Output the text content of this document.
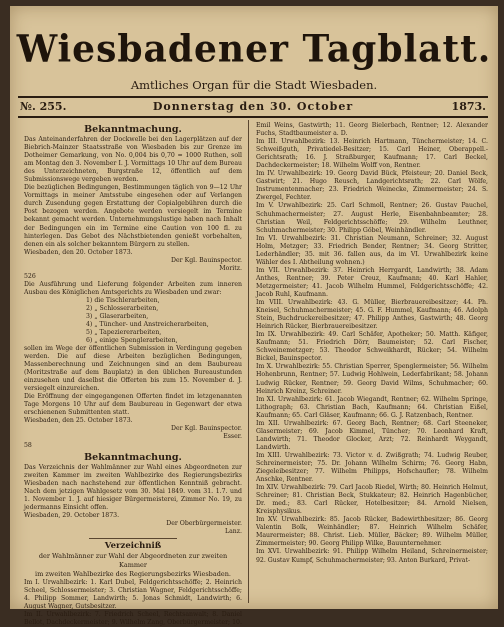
Wiesbadener Tagblatt.
Amtliches Organ für die Stadt Wiesbaden.
№. 255.	Donnerstag den 30. October	1873.
Bekanntmachung.

Das Anteinanderfahren der Dockwelle bei den Lagerplätzen auf der Biebrich-Mainzer Staatsstraße von Wiesbaden bis zur Grenze im Dotheimer Gemarkung, von No. 0,004 bis 0,70 = 1000 Ruthen, soll am Montag den 3. November I. J. Vormittags 10 Uhr auf dem Bureau des Unterzeichneten, Burgstraße 12, öffentlich auf dem Submissionswege vergeben werden.

Die bezüglichen Bedingungen, Bestimmungen täglich von 9—12 Uhr Vormittags in meiner Amtsstube eingesehen oder auf Verlangen durch Zusendung gegen Erstattung der Copialgebühren durch die Post bezogen werden. Angebote werden versiegelt im Termine bekannt gemacht werden. Unternehmungslustige haben nach Inhalt der Bedingungen ein im Termine eine Caution von 100 fl. zu hinterlegen. Das Gebot des Nächstbietenden genießt vorbehalten, denen ein als solcher bekanntem Bürgern zu stellen.

Wiesbaden, den 20. October 1873.

Der Kgl. Bauinspector.

Moritz.

526

Die Ausführung und Lieferung folgender Arbeiten zum inneren Ausbau des Königlichen Amtsgerichts zu Wiesbaden und zwar:

1) die Tischlerarbeiten,
2) „ Schlosserarbeiten,
3) „ Glaserarbeiten,
4) „ Tüncher- und Anstreicherarbeiten,
5) „ Tapeziererarbeiten,
6) „ einige Spenglerarbeiten,

sollen im Wege der öffentlichen Submission in Verdingung gegeben werden. Die auf diese Arbeiten bezüglichen Bedingungen, Massenberechnung und Zeichnungen sind an dem Baubureau (Moritzstraße auf dem Bauplatz) in den üblichen Bureaustunden einzusehen und daselbst die Offerten bis zum 15. November d. J. versiegelt einzureichen.

Die Eröffnung der eingegangenen Offerten findet im letzgenannten Tage Morgens 10 Uhr auf dem Baubureau in Gegenwart der etwa erschienenen Submittenten statt.

Wiesbaden, den 25. October 1873.

Der Kgl. Bauinspector.

Esser.

58

Bekanntmachung.

Das Verzeichnis der Wahlmänner zur Wahl eines Abgeordneten zur zweiten Kammer im zweiten Wahlbezirke des Regierungsbezirks Wiesbaden nach nachstehend zur öffentlichen Kenntniß gebracht. Nach dem jetzigen Wahlgesetz vom 30. Mai 1849. vom 31. 1.7. und 1. November 1. J. auf hiesiger Bürgermeisterei, Zimmer No. 19, zu jedermanns Einsicht offen.

Wiesbaden, 29. October 1873.

Der Oberbürgermeister.

Lanz.

Verzeichniß

der Wahlmänner zur Wahl der Abgeordneten zur zweiten Kammer

im zweiten Wahlbezirke des Regierungsbezirks Wiesbaden.

Im I. Urwahlbezirk: 1. Karl Dubel, Feldgerichtsschöffe; 2. Heinrich Scheel, Schlossermeister; 3. Christian Wagner, Feldgerichtsschöffe; 4. Philipp Sommer, Landwirth; 5. Jonas Schmidt, Landwirth; 6. August Wagner, Gutsbesitzer.

Im II. Urwahlbezirk: 7. Friedrich Scheel, Rechtsanwalt; 8. Daniel Bellot, Dachdeckermeister; 9. Wilhelm Zang, Oberbürgermeister; 10.

Emil Weins, Gastwirth; 11. Georg Bielerbach, Rentner; 12. Alexander Fuchs, Stadtbaumeister a. D.

Im III. Urwahlbezirk: 13. Heinrich Hartmann, Tünchermeister; 14. C. Schweißguth, Privatiedel-Besitzer; 15. Carl Heiner, Oberappell.-Gerichtsrath; 16. J. Straßburger, Kaufmann; 17. Carl Beckel, Dachdeckermeister; 18. Wilhelm Wolff von, Rentner.

Im IV. Urwahlbezirk: 19. Georg David Bück, Pfeisteur; 20. Daniel Beck, Gastwirt; 21. Hugo Reusch, Landgerichtsrath; 22. Carl Wölfe, Instrumentenmacher; 23. Friedrich Weinecke, Zimmermeister; 24. S. Zwergel, Fechter.

Im V. Urwahlbezirk: 25. Carl Schmoll, Rentner; 26. Gustav Pauchel, Schuhmachermeister; 27. August Herle, Eisenbahnbeamter; 28. Christian Weil, Feldgerichtsschöffe; 29. Wilhelm Leuthner, Schuhmachermeister; 30. Philipp Göbel, Weinhändler.

Im VI. Urwahlbezirk: 31. Christian Neumann, Schreiner; 32. August Holm, Metzger; 33. Friedrich Bender, Rentner; 34. Georg Stritter, Lederhändler; 35. mit 36. fallen aus, da im VI. Urwahlbezirk keine Wähler des I. Abtheilung wohnen.)

Im VII. Urwahlbezirk: 37. Heinrich Herrgardt, Landwirth; 38. Adam Anthes, Rentner; 39. Peter Creuz, Kaufmann; 40. Karl Hahler, Metzgermeister; 41. Jacob Wilhelm Hummel, Feldgerichtsschöffe; 42. Jacob Ruhl, Kaufmann.

Im VIII. Urwahlbezirk: 43. G. Müller, Bierbrauereibesitzer; 44. Ph. Kneisel, Schuhmachermeister; 45. G. F. Hummel, Kaufmann; 46. Adolph Stein, Buchdruckereibesitzer; 47. Philipp Anthes, Gastwirth; 48. Georg Heinrich Rücker, Bierbrauereibesitzer.

Im IX. Urwahlbezirk: 49. Carl Schäfer, Apotheker; 50. Matth. Käfiger, Kaufmann; 51. Friedrich Dörr, Baumeister; 52. Carl Fischer, Schweinemetzger; 53. Theodor Schweikhardt, Rücker; 54. Wilhelm Bickel, Bauinspector.

Im X. Urwahlbezirk: 55. Christian Sperrer, Spenglermeister; 56. Wilhelm Hohenbrunn, Rentner; 57. Ludwig Hohlwein, Lederfabrikant; 58. Johann Ludwig Rücker, Rentner; 59. Georg David Wilms, Schuhmacher; 60. Heinrich Kreinz, Schreiner.

Im XI. Urwahlbezirk: 61. Jacob Wiegandt, Rentner; 62. Wilhelm Springe, Lithograph; 63. Christian Bach, Kaufmann; 64. Christian Eißel, Kaufmann; 65. Carl Gläser, Kaufmann; 66. G. J. Ratzenbach, Rentner.

Im XII. Urwahlbezirk: 67. Georg Bach, Rentner; 68. Carl Steeneker, Glasermeister; 69. Jacob Kimmel, Tüncher; 70. Leonhard Kraft, Landwirth; 71. Theodor Glocker, Arzt; 72. Reinhardt Weygandt, Landwirth.

Im XIII. Urwahlbezirk: 73. Victor v. d. Zwißgrath; 74. Ludwig Reuber, Schreinermeister; 75. Dr. Johann Wilhelm Schirm; 76. Georg Habn, Ziegeleibesitzer; 77. Wilhelm Philipps, Hofschaufler; 78. Wilhelm Anschke, Rentner.

Im XIV. Urwahlbezirk: 79. Carl Jacob Riedel, Wirth; 80. Heinrich Helmut, Schreiner; 81. Christian Beck, Stukkateur; 82. Heinrich Hagenbücher, Dr. med.; 83. Carl Rücker, Hotelbesitzer; 84. Arnold Nielsen, Kreisphysikus.

Im XV. Urwahlbezirk: 85. Jacob Rücker, Badewirthbesitzer; 86. Georg Valentin Bolk, Weinhändler; 87. Heinrich Wilhelm Schäfer, Maurermeister; 88. Christ. Lieb. Müller, Bäcker; 89. Wilhelm Müller, Zimmermeister; 90. Georg Philipp Wilke, Bauunternehmer.

Im XVI. Urwahlbezirk: 91. Philipp Wilhelm Heiland, Schreinermeister; 92. Gustav Kumpf, Schuhmachermeister; 93. Anton Burkard, Privat-
